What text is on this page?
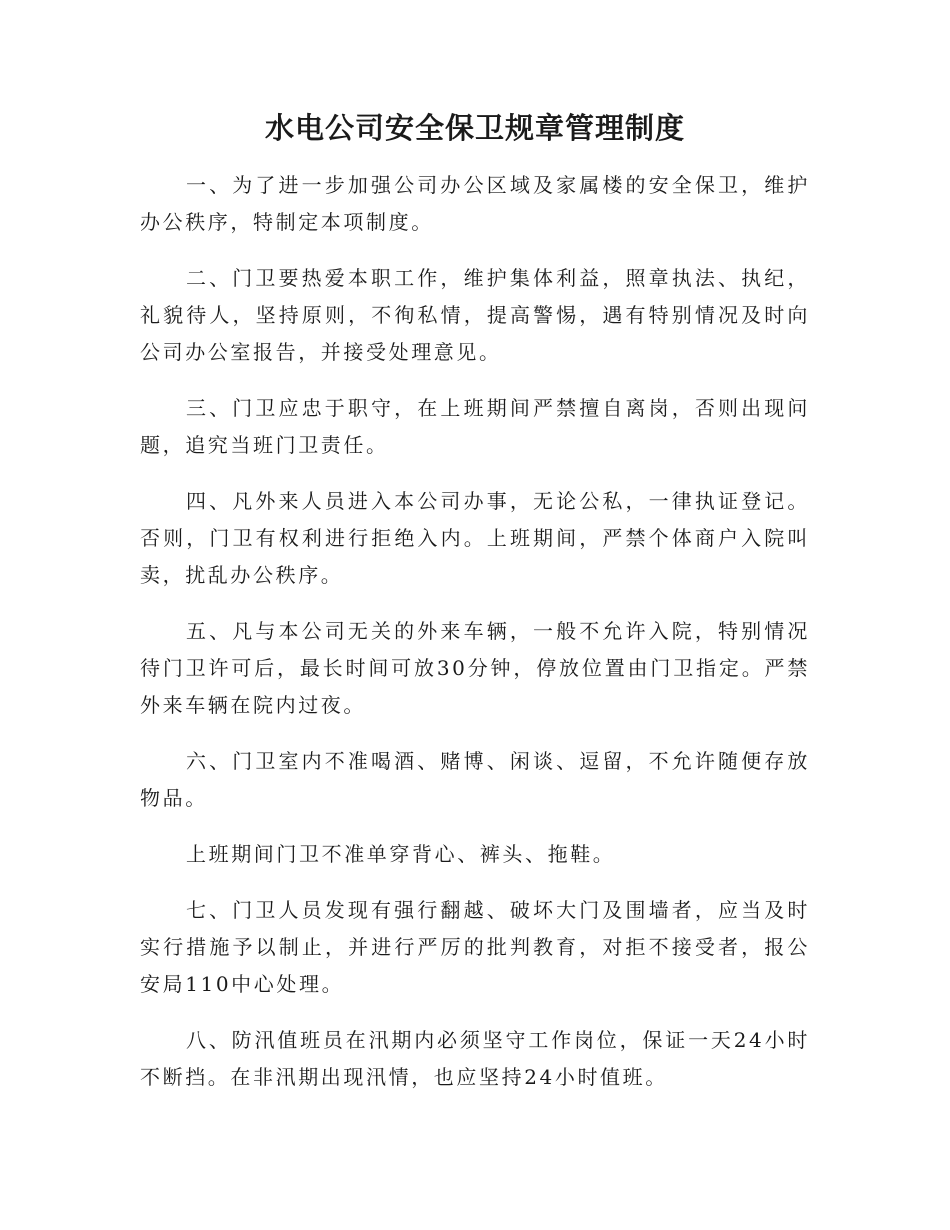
水电公司安全保卫规章管理制度

一、为了进一步加强公司办公区域及家属楼的安全保卫，维护办公秩序，特制定本项制度。

二、门卫要热爱本职工作，维护集体利益，照章执法、执纪，礼貌待人，坚持原则，不徇私情，提高警惕，遇有特别情况及时向公司办公室报告，并接受处理意见。

三、门卫应忠于职守，在上班期间严禁擅自离岗，否则出现问题，追究当班门卫责任。

四、凡外来人员进入本公司办事，无论公私，一律执证登记。否则，门卫有权利进行拒绝入内。上班期间，严禁个体商户入院叫卖，扰乱办公秩序。

五、凡与本公司无关的外来车辆，一般不允许入院，特别情况待门卫许可后，最长时间可放30分钟，停放位置由门卫指定。严禁外来车辆在院内过夜。

六、门卫室内不准喝酒、赌博、闲谈、逗留，不允许随便存放物品。

上班期间门卫不准单穿背心、裤头、拖鞋。

七、门卫人员发现有强行翻越、破坏大门及围墙者，应当及时实行措施予以制止，并进行严厉的批判教育，对拒不接受者，报公安局110中心处理。

八、防汛值班员在汛期内必须坚守工作岗位，保证一天24小时不断挡。在非汛期出现汛情，也应坚持24小时值班。
